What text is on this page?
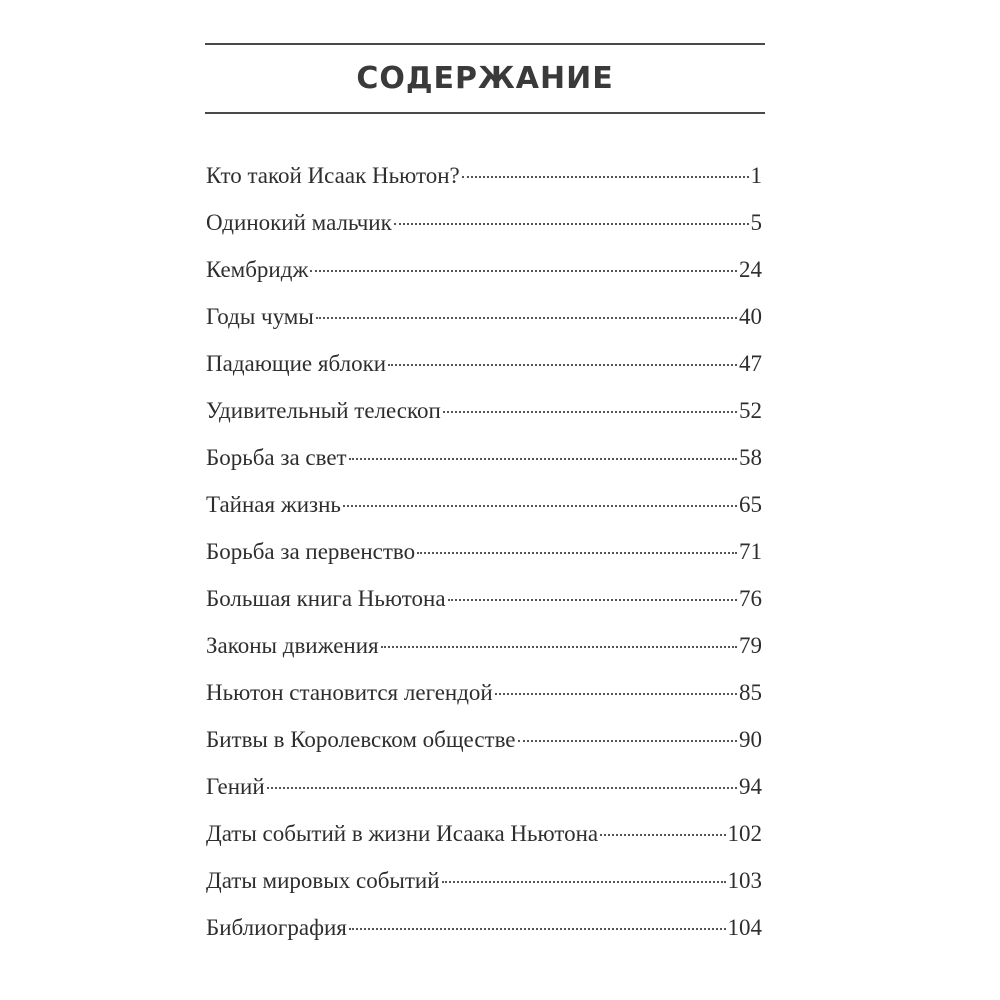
СОДЕРЖАНИЕ
Кто такой Исаак Ньютон?	1
Одинокий мальчик	5
Кембридж	24
Годы чумы	40
Падающие яблоки	47
Удивительный телескоп	52
Борьба за свет	58
Тайная жизнь	65
Борьба за первенство	71
Большая книга Ньютона	76
Законы движения	79
Ньютон становится легендой	85
Битвы в Королевском обществе	90
Гений	94
Даты событий в жизни Исаака Ньютона	102
Даты мировых событий	103
Библиография	104
